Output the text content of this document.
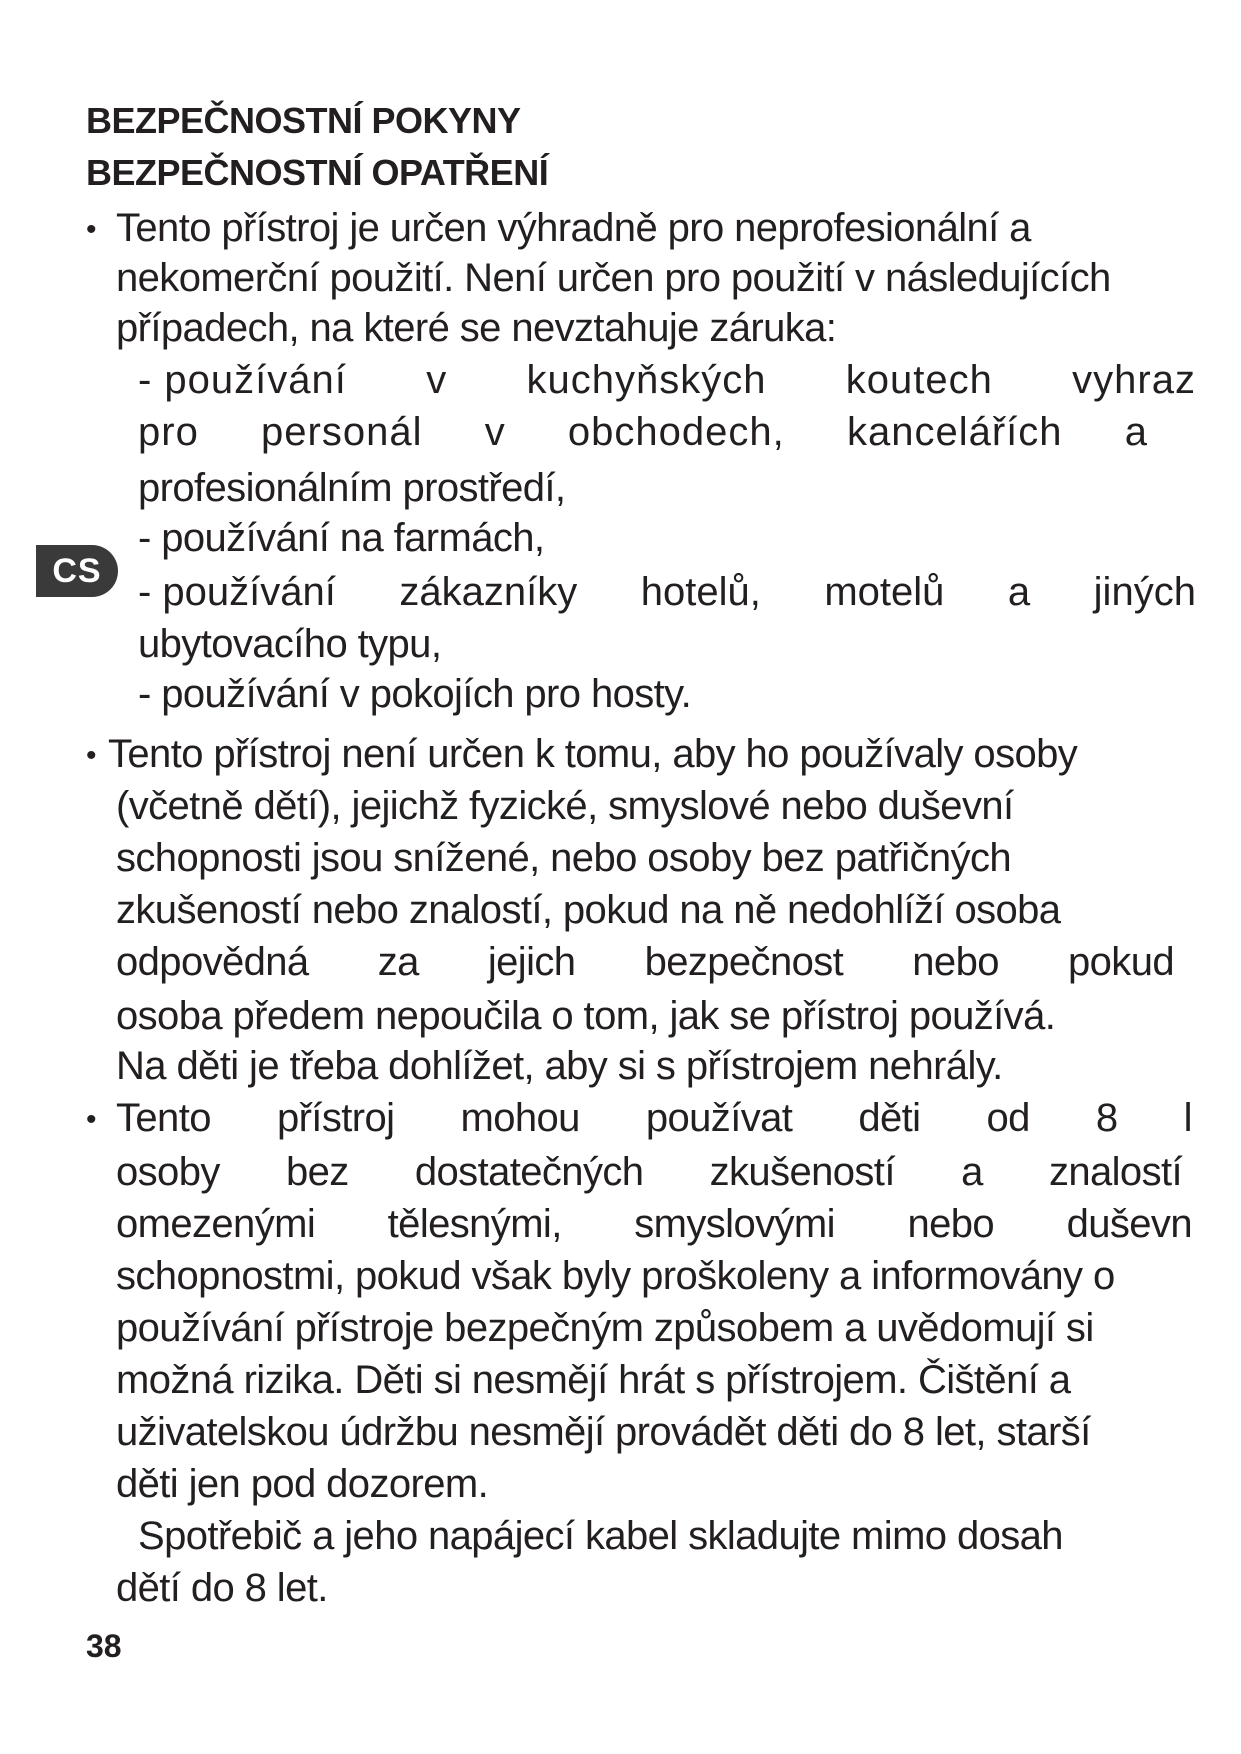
BEZPEČNOSTNÍ POKYNY
BEZPEČNOSTNÍ OPATŘENÍ
• Tento přístroj je určen výhradně pro neprofesionální a
nekomerční použití. Není určen pro použití v následujících
případech, na které se nevztahuje záruka:
- používání v kuchyňských koutech vyhraz
pro personál v obchodech, kancelářích a
profesionálním prostředí,
- používání na farmách,
- používání zákazníky hotelů, motelů a jiných
ubytovacího typu,
- používání v pokojích pro hosty.
CS
• Tento přístroj není určen k tomu, aby ho používaly osoby
(včetně dětí), jejichž fyzické, smyslové nebo duševní
schopnosti jsou snížené, nebo osoby bez patřičných
zkušeností nebo znalostí, pokud na ně nedohlíží osoba
odpovědná za jejich bezpečnost nebo pokud
osoba předem nepoučila o tom, jak se přístroj používá.
Na děti je třeba dohlížet, aby si s přístrojem nehrály.
• Tento přístroj mohou používat děti od 8 l
osoby bez dostatečných zkušeností a znalostí
omezenými tělesnými, smyslovými nebo duševn
schopnostmi, pokud však byly proškoleny a informovány o
používání přístroje bezpečným způsobem a uvědomují si
možná rizika. Děti si nesmějí hrát s přístrojem. Čištění a
uživatelskou údržbu nesmějí provádět děti do 8 let, starší
děti jen pod dozorem.
Spotřebič a jeho napájecí kabel skladujte mimo dosah
dětí do 8 let.
38
